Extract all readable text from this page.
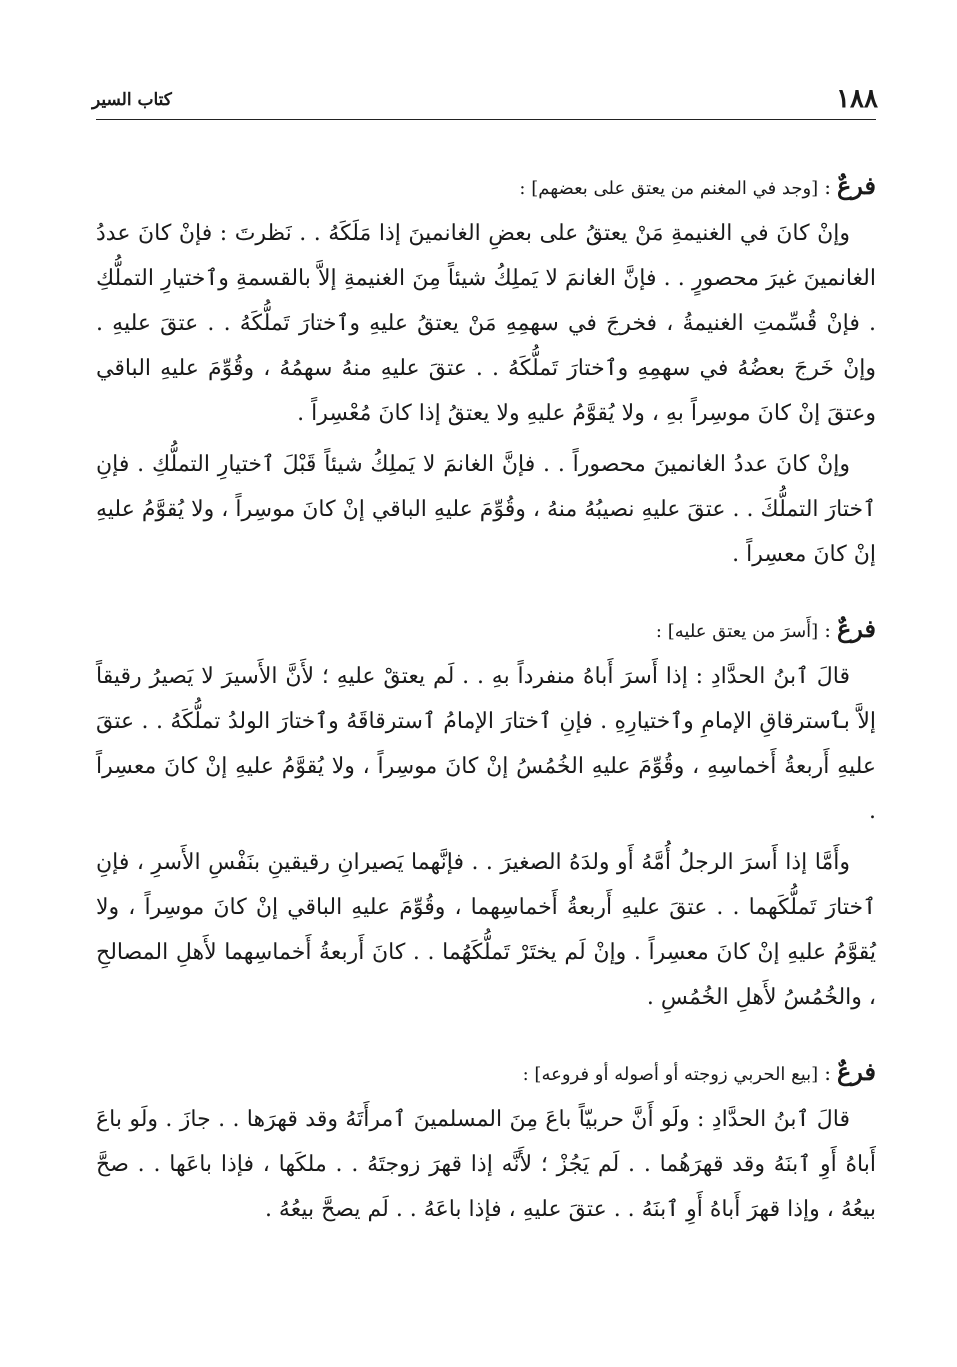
١٨٨
كتاب السير
فرعٌ:[وجد في المغنم من يعتق على بعضهم] :

وإنْ كانَ في الغنيمةِ مَنْ يعتقُ على بعضِ الغانمينَ إذا مَلَكَهُ . . نَظرتَ : فإنْ كانَ عددُ الغانمينَ غيرَ محصورٍ . . فإنَّ الغانمَ لا يَملِكُ شيئاً مِنَ الغنيمةِ إلاَّ بالقسمةِ وٱختيارِ التملُّكِ . فإنْ قُسِّمتِ الغنيمةُ ، فخرجَ في سهمِهِ مَنْ يعتقُ عليهِ وٱختارَ تَملُّكَهُ . . عتقَ عليهِ . وإنْ خَرجَ بعضُهُ في سهمِهِ وٱختارَ تَملُّكَهُ . . عتقَ عليهِ منهُ سهمُهُ ، وقُوِّمَ عليهِ الباقي وعتقَ إنْ كانَ موسِراً بهِ ، ولا يُقوَّمُ عليهِ ولا يعتقُ إذا كانَ مُعْسِراً .

وإنْ كانَ عددُ الغانمينَ محصوراً . . فإنَّ الغانمَ لا يَملِكُ شيئاً قَبْلَ ٱختيارِ التملُّكِ . فإنِ ٱختارَ التملُّكَ . . عتقَ عليهِ نصيبُهُ منهُ ، وقُوِّمَ عليهِ الباقي إنْ كانَ موسِراً ، ولا يُقوَّمُ عليهِ إنْ كانَ معسِراً .

فرعٌ:[أَسرَ من يعتق عليه] :

قالَ ٱبنُ الحدَّادِ : إذا أَسرَ أَباهُ منفرداً بهِ . . لَم يعتقْ عليهِ ؛ لأَنَّ الأَسيرَ لا يَصيرُ رقيقاً إلاَّ بٱسترقاقِ الإمامِ وٱختيارِهِ . فإنِ ٱختارَ الإمامُ ٱسترقاقَهُ وٱختارَ الولدُ تملُّكَهُ . . عتقَ عليهِ أَربعةُ أَخماسِهِ ، وقُوِّمَ عليهِ الخُمُسُ إنْ كانَ موسِراً ، ولا يُقوَّمُ عليهِ إنْ كانَ معسِراً .

وأَمَّا إذا أَسرَ الرجلُ أُمَّهُ أَو ولدَهُ الصغيرَ . . فإنَّهما يَصيرانِ رقيقينِ بنَفْسِ الأَسرِ ، فإنِ ٱختارَ تَملُّكَهما . . عتقَ عليهِ أَربعةُ أَخماسِهما ، وقُوِّمَ عليهِ الباقي إنْ كانَ موسِراً ، ولا يُقوَّمُ عليهِ إنْ كانَ معسِراً . وإنْ لَم يختَرْ تَملُّكَهُما . . كانَ أَربعةُ أَخماسِهما لأَهلِ المصالحِ ، والخُمُسُ لأَهلِ الخُمُسِ .

فرعٌ:[بيع الحربي زوجته أو أصوله أو فروعه] :

قالَ ٱبنُ الحدَّادِ : ولَو أَنَّ حربيّاً باعَ مِنَ المسلمينَ ٱمرأَتَهُ وقد قهرَها . . جازَ . ولَو باعَ أَباهُ أَوِ ٱبنَهُ وقد قهرَهُما . . لَم يَجُزْ ؛ لأَنَّه إذا قهرَ زوجتَهُ . . ملكَها ، فإذا باعَها . . صحَّ بيعُهُ ، وإذا قهرَ أَباهُ أَوِ ٱبنَهُ . . عتقَ عليهِ ، فإذا باعَهُ . . لَم يصحَّ بيعُهُ .
